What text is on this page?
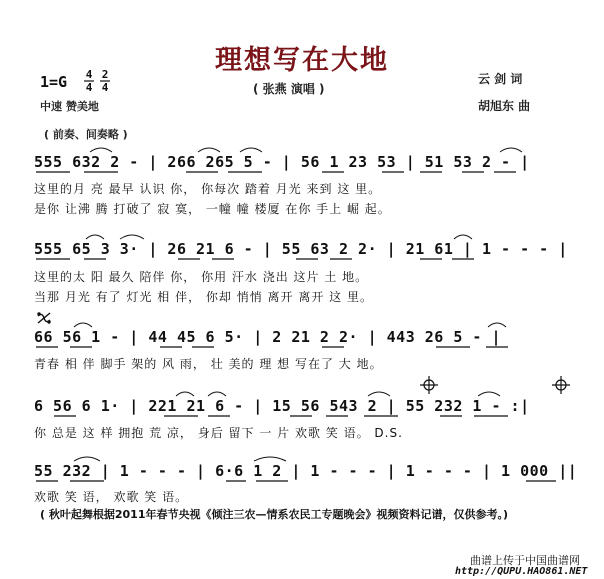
理想写在大地
( 张燕 演唱 )
1=G 4
4
2
4
中速 赞美地
云 剑 词
胡旭东 曲
( 前奏、间奏略 )
555 632 2 - | 266 265 5 - | 56 1 23 53 | 51 53 2 - |
这里的月 亮 最早 认识 你， 你每次 踏着 月光 来到 这 里。
是你 让沸 腾 打破了 寂 寞， 一幢 幢 楼厦 在你 手上 崛 起。
555 65 3 3· | 26 21 6 - | 55 63 2 2· | 21 61 | 1 - - - |
这里的太 阳 最久 陪伴 你， 你用 汗水 浇出 这片 土 地。
当那 月光 有了 灯光 相 伴， 你却 悄悄 离开 离开 这 里。
66 56 1 - | 44 45 6 5· | 2 21 2 2· | 443 26 5 - |
青春 相 伴 脚手 架的 风 雨， 壮 美的 理 想 写在了 大 地。
6 56 6 1· | 221 21 6 - | 15 56 543 2 | 55 232 1 - :|
你 总是 这 样 拥抱 荒 凉， 身后 留下 一 片 欢歌 笑 语。 D.S.
55 232 | 1 - - - | 6·6 1 2 | 1 - - - | 1 - - - | 1 000 ||
欢歌 笑 语， 欢歌 笑 语。
( 秋叶起舞根据2011年春节央视《倾注三农—情系农民工专题晚会》视频资料记谱，仅供参考。)
曲谱上传于中国曲谱网
http://QUPU.HAO861.NET
